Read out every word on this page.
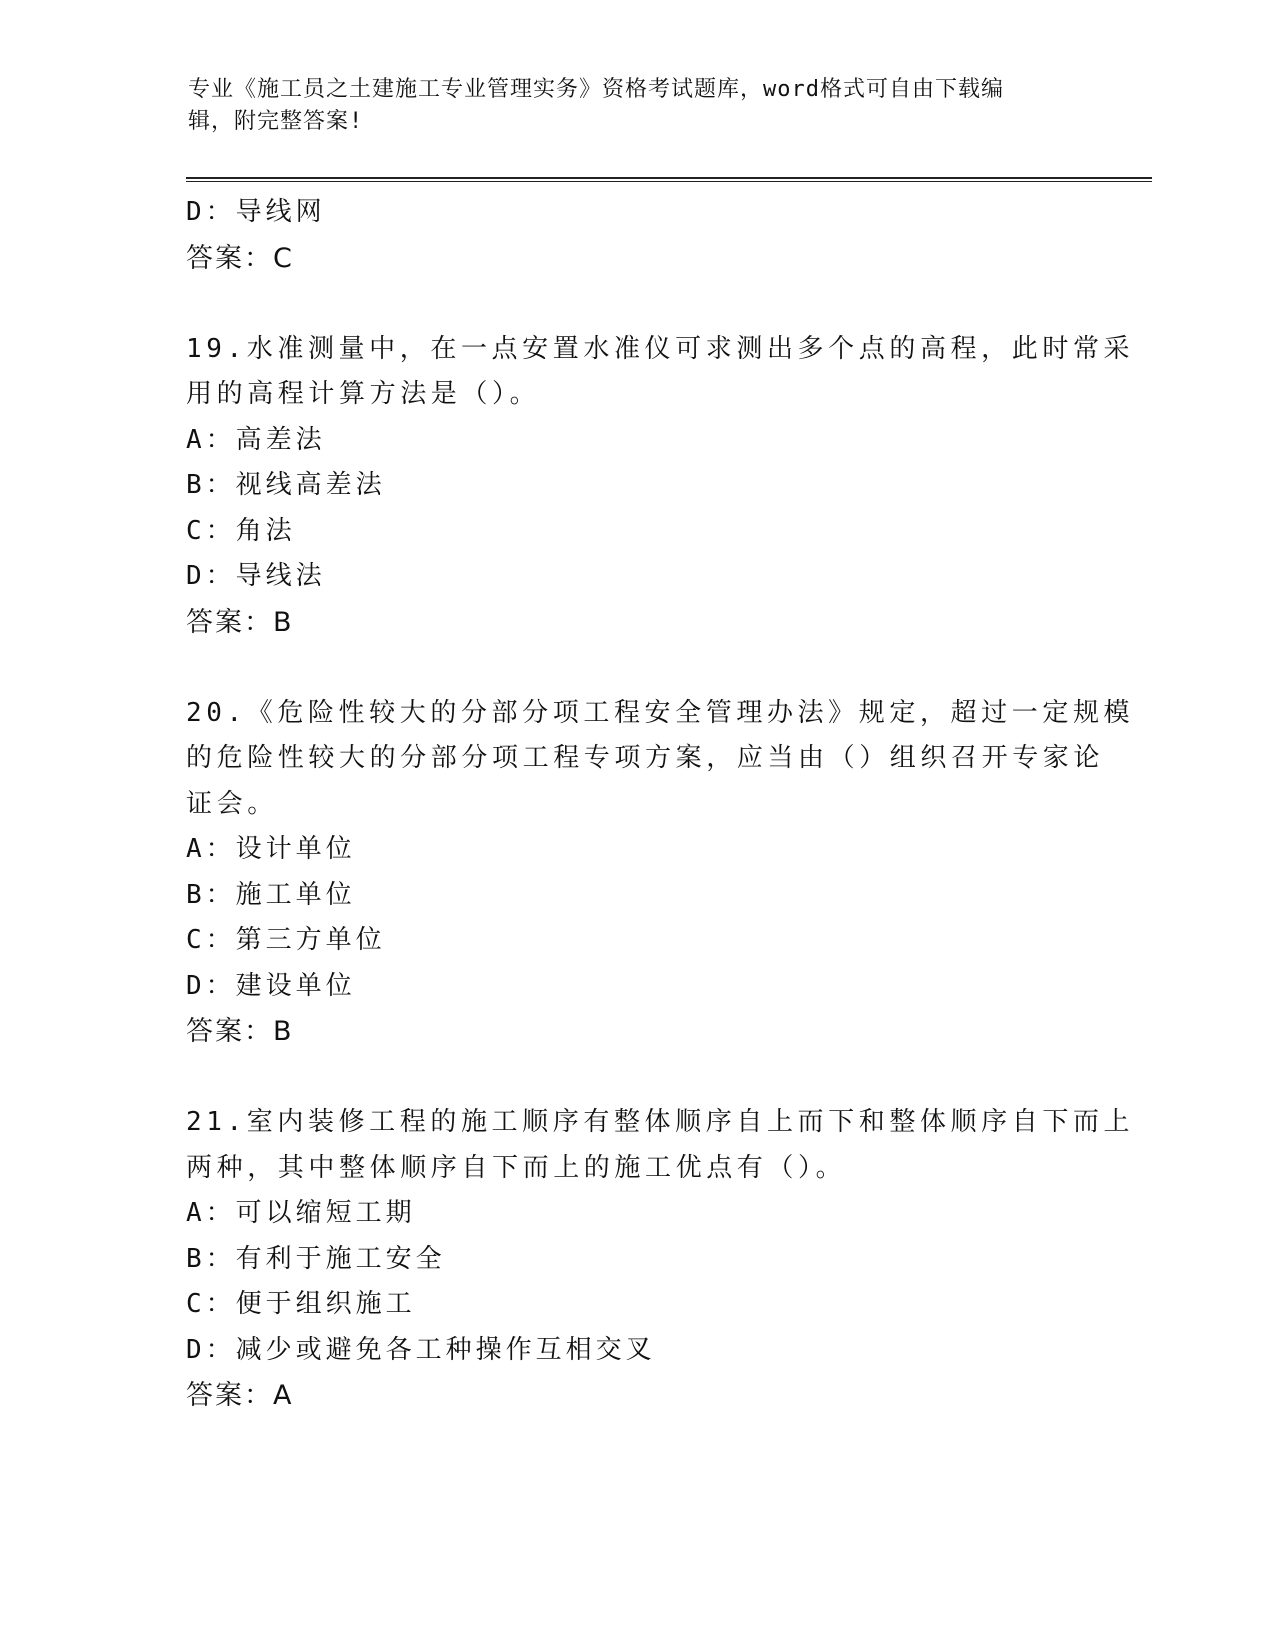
专业《施工员之土建施工专业管理实务》资格考试题库，word格式可自由下载编
辑，附完整答案!
D：导线网
答案：C
19.水准测量中，在一点安置水准仪可求测出多个点的高程，此时常采
用的高程计算方法是（）。
A：高差法
B：视线高差法
C：角法
D：导线法
答案：B
20.《危险性较大的分部分项工程安全管理办法》规定，超过一定规模
的危险性较大的分部分项工程专项方案，应当由（）组织召开专家论
证会。
A：设计单位
B：施工单位
C：第三方单位
D：建设单位
答案：B
21.室内装修工程的施工顺序有整体顺序自上而下和整体顺序自下而上
两种，其中整体顺序自下而上的施工优点有（）。
A：可以缩短工期
B：有利于施工安全
C：便于组织施工
D：减少或避免各工种操作互相交叉
答案：A
